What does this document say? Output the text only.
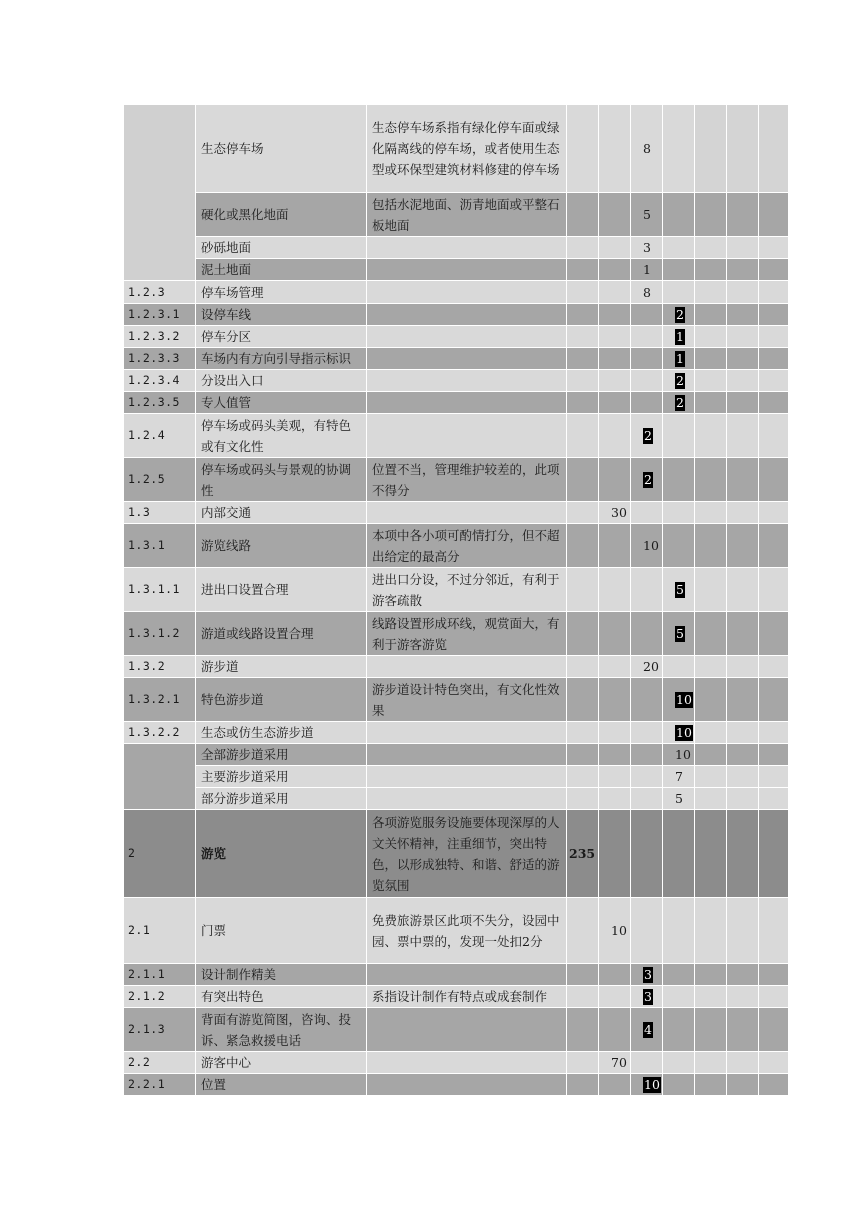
	生态停车场	生态停车场系指有绿化停车面或绿化隔离线的停车场，或者使用生态型或环保型建筑材料修建的停车场			8				
	硬化或黑化地面	包括水泥地面、沥青地面或平整石板地面			5				
	砂砾地面				3				
	泥土地面				1				
1.2.3	停车场管理				8				
1.2.3.1	设停车线					2			
1.2.3.2	停车分区					1			
1.2.3.3	车场内有方向引导指示标识					1			
1.2.3.4	分设出入口					2			
1.2.3.5	专人值管					2			
1.2.4	停车场或码头美观，有特色或有文化性				2				
1.2.5	停车场或码头与景观的协调性	位置不当，管理维护较差的，此项不得分			2				
1.3	内部交通			30					
1.3.1	游览线路	本项中各小项可酌情打分，但不超出给定的最高分			10				
1.3.1.1	进出口设置合理	进出口分设，不过分邻近，有利于游客疏散				5			
1.3.1.2	游道或线路设置合理	线路设置形成环线，观赏面大，有利于游客游览				5			
1.3.2	游步道				20				
1.3.2.1	特色游步道	游步道设计特色突出，有文化性效果				10			
1.3.2.2	生态或仿生态游步道					10			
	全部游步道采用					10			
	主要游步道采用					7			
	部分游步道采用					5			
2	游览	各项游览服务设施要体现深厚的人文关怀精神，注重细节，突出特色，以形成独特、和谐、舒适的游览氛围	235						
2.1	门票	免费旅游景区此项不失分，设园中园、票中票的，发现一处扣2分		10					
2.1.1	设计制作精美				3				
2.1.2	有突出特色	系指设计制作有特点或成套制作			3				
2.1.3	背面有游览简图，咨询、投诉、紧急救援电话				4				
2.2	游客中心			70					
2.2.1	位置				10				
